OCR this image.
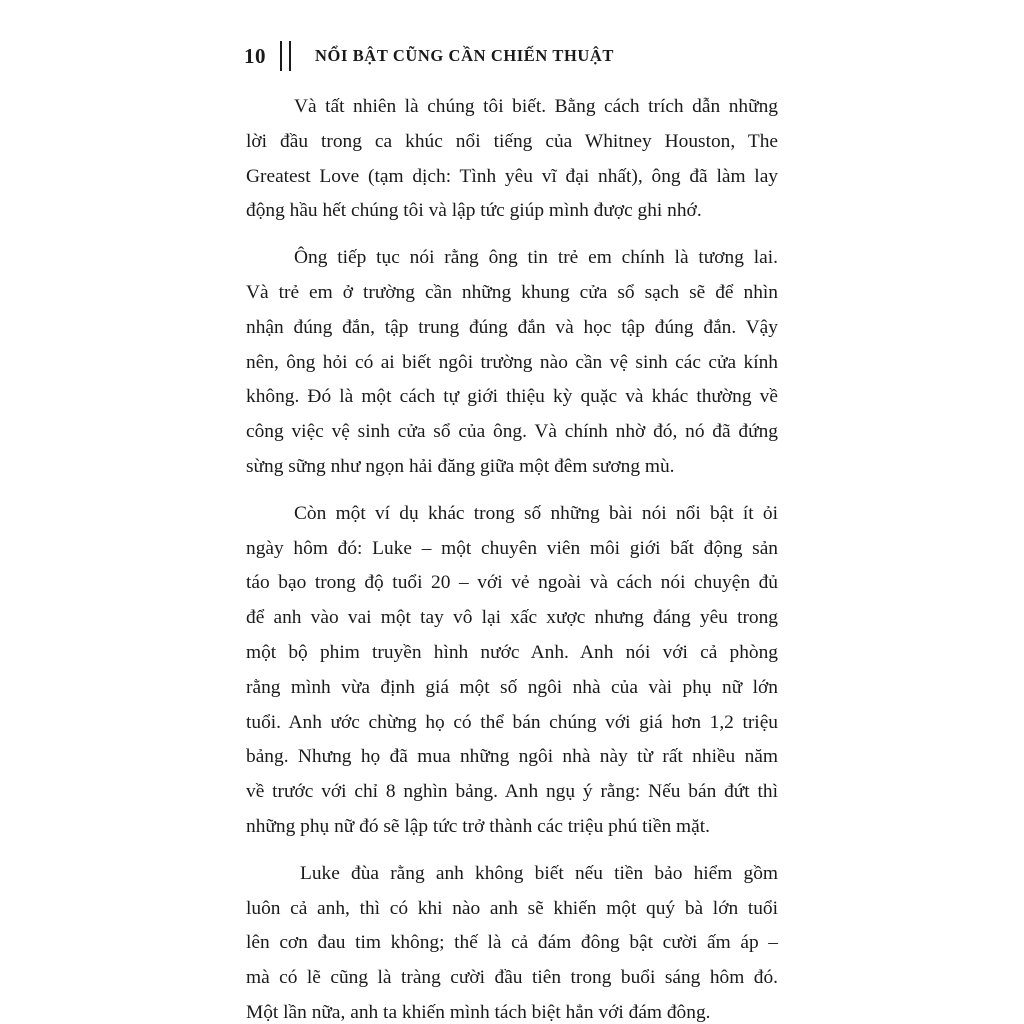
10	NỔI BẬT CŨNG CẦN CHIẾN THUẬT

Và tất nhiên là chúng tôi biết. Bằng cách trích dẫn những
lời đầu trong ca khúc nổi tiếng của Whitney Houston, The
Greatest Love (tạm dịch: Tình yêu vĩ đại nhất), ông đã làm lay
động hầu hết chúng tôi và lập tức giúp mình được ghi nhớ.

Ông tiếp tục nói rằng ông tin trẻ em chính là tương lai.
Và trẻ em ở trường cần những khung cửa sổ sạch sẽ để nhìn
nhận đúng đắn, tập trung đúng đắn và học tập đúng đắn. Vậy
nên, ông hỏi có ai biết ngôi trường nào cần vệ sinh các cửa kính
không. Đó là một cách tự giới thiệu kỳ quặc và khác thường về
công việc vệ sinh cửa sổ của ông. Và chính nhờ đó, nó đã đứng
sừng sững như ngọn hải đăng giữa một đêm sương mù.

Còn một ví dụ khác trong số những bài nói nổi bật ít ỏi
ngày hôm đó: Luke – một chuyên viên môi giới bất động sản
táo bạo trong độ tuổi 20 – với vẻ ngoài và cách nói chuyện đủ
để anh vào vai một tay vô lại xấc xược nhưng đáng yêu trong
một bộ phim truyền hình nước Anh. Anh nói với cả phòng
rằng mình vừa định giá một số ngôi nhà của vài phụ nữ lớn
tuổi. Anh ước chừng họ có thể bán chúng với giá hơn 1,2 triệu
bảng. Nhưng họ đã mua những ngôi nhà này từ rất nhiều năm
về trước với chỉ 8 nghìn bảng. Anh ngụ ý rằng: Nếu bán đứt thì
những phụ nữ đó sẽ lập tức trở thành các triệu phú tiền mặt.

Luke đùa rằng anh không biết nếu tiền bảo hiểm gồm
luôn cả anh, thì có khi nào anh sẽ khiến một quý bà lớn tuổi
lên cơn đau tim không; thế là cả đám đông bật cười ấm áp –
mà có lẽ cũng là tràng cười đầu tiên trong buổi sáng hôm đó.
Một lần nữa, anh ta khiến mình tách biệt hẳn với đám đông.
